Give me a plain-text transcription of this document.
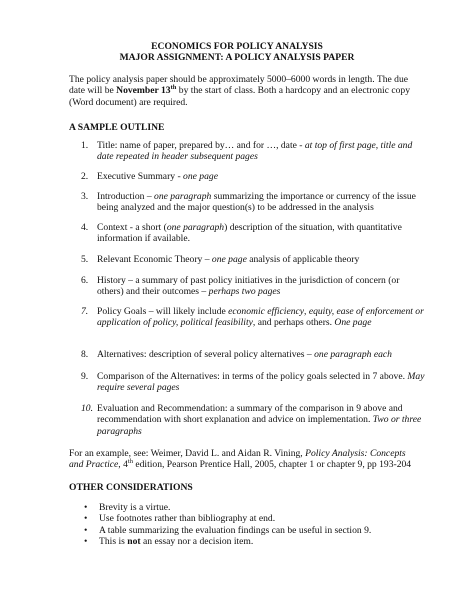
ECONOMICS FOR POLICY ANALYSIS
MAJOR ASSIGNMENT: A POLICY ANALYSIS PAPER
The policy analysis paper should be approximately 5000–6000 words in length. The due date will be November 13th by the start of class. Both a hardcopy and an electronic copy (Word document) are required.
A SAMPLE OUTLINE
1. Title: name of paper, prepared by… and for …, date - at top of first page, title and date repeated in header subsequent pages
2. Executive Summary - one page
3. Introduction – one paragraph summarizing the importance or currency of the issue being analyzed and the major question(s) to be addressed in the analysis
4. Context - a short (one paragraph) description of the situation, with quantitative information if available.
5. Relevant Economic Theory – one page analysis of applicable theory
6. History – a summary of past policy initiatives in the jurisdiction of concern (or others) and their outcomes – perhaps two pages
7. Policy Goals – will likely include economic efficiency, equity, ease of enforcement or application of policy, political feasibility, and perhaps others. One page
8. Alternatives: description of several policy alternatives – one paragraph each
9. Comparison of the Alternatives: in terms of the policy goals selected in 7 above. May require several pages
10. Evaluation and Recommendation: a summary of the comparison in 9 above and recommendation with short explanation and advice on implementation. Two or three paragraphs
For an example, see: Weimer, David L. and Aidan R. Vining, Policy Analysis: Concepts and Practice, 4th edition, Pearson Prentice Hall, 2005, chapter 1 or chapter 9, pp 193-204
OTHER CONSIDERATIONS
• Brevity is a virtue.
• Use footnotes rather than bibliography at end.
• A table summarizing the evaluation findings can be useful in section 9.
• This is not an essay nor a decision item.
